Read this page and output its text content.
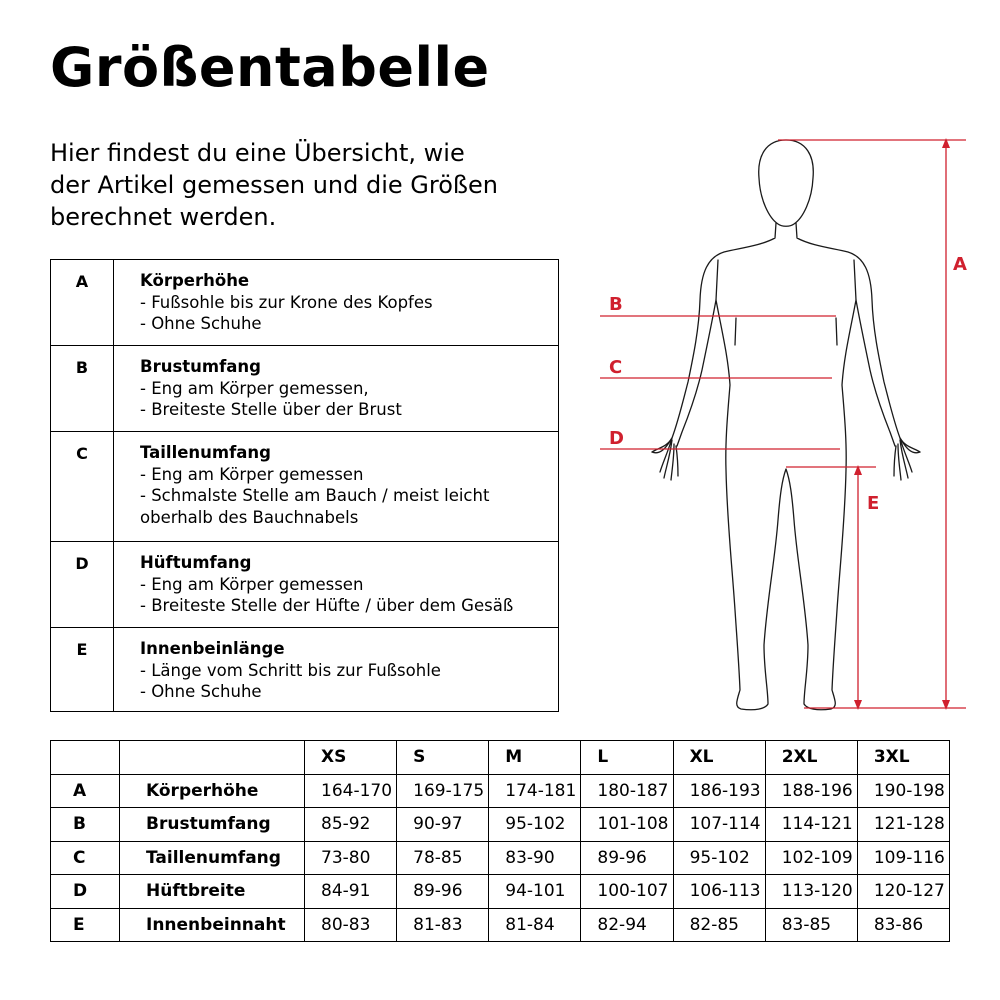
Größentabelle
Hier findest du eine Übersicht, wie
der Artikel gemessen und die Größen
berechnet werden.
A	Körperhöhe
- Fußsohle bis zur Krone des Kopfes
- Ohne Schuhe

B	Brustumfang
- Eng am Körper gemessen,
- Breiteste Stelle über der Brust

C	Taillenumfang
- Eng am Körper gemessen
- Schmalste Stelle am Bauch / meist leicht
oberhalb des Bauchnabels

D	Hüftumfang
- Eng am Körper gemessen
- Breiteste Stelle der Hüfte / über dem Gesäß

E	Innenbeinlänge
- Länge vom Schritt bis zur Fußsohle
- Ohne Schuhe
A
B
C
D
E
		XS	S	M	L	XL	2XL	3XL
A	Körperhöhe	164-170	169-175	174-181	180-187	186-193	188-196	190-198
B	Brustumfang	85-92	90-97	95-102	101-108	107-114	114-121	121-128
C	Taillenumfang	73-80	78-85	83-90	89-96	95-102	102-109	109-116
D	Hüftbreite	84-91	89-96	94-101	100-107	106-113	113-120	120-127
E	Innenbeinnaht	80-83	81-83	81-84	82-94	82-85	83-85	83-86
